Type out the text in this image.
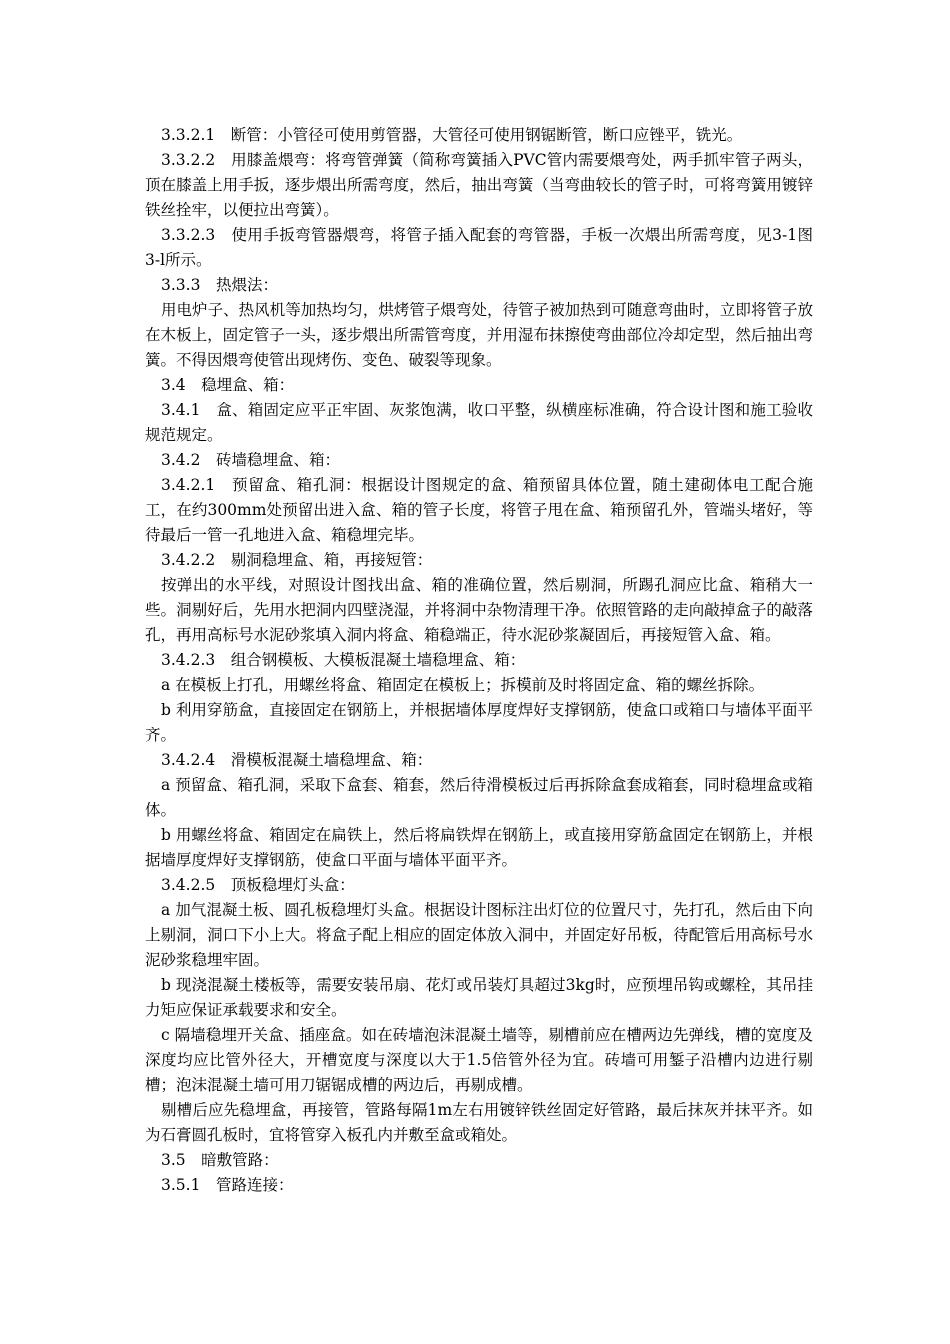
3.3.2.1　断管：小管径可使用剪管器，大管径可使用钢锯断管，断口应锉平，铣光。

3.3.2.2　用膝盖煨弯：将弯管弹簧（简称弯簧插入PVC管内需要煨弯处，两手抓牢管子两头，顶在膝盖上用手扳，逐步煨出所需弯度，然后，抽出弯簧（当弯曲较长的管子时，可将弯簧用镀锌铁丝拴牢，以便拉出弯簧）。

3.3.2.3　使用手扳弯管器煨弯，将管子插入配套的弯管器，手板一次煨出所需弯度，见3-1图3-l所示。

3.3.3　热煨法：

用电炉子、热风机等加热均匀，烘烤管子煨弯处，待管子被加热到可随意弯曲时，立即将管子放在木板上，固定管子一头，逐步煨出所需管弯度，并用湿布抹擦使弯曲部位冷却定型，然后抽出弯簧。不得因煨弯使管出现烤伤、变色、破裂等现象。

3.4　稳埋盒、箱：

3.4.1　盒、箱固定应平正牢固、灰浆饱满，收口平整，纵横座标准确，符合设计图和施工验收规范规定。

3.4.2　砖墙稳埋盒、箱：

3.4.2.1　预留盒、箱孔洞：根据设计图规定的盒、箱预留具体位置，随土建砌体电工配合施工，在约300mm处预留出进入盒、箱的管子长度，将管子甩在盒、箱预留孔外，管端头堵好，等待最后一管一孔地进入盒、箱稳埋完毕。

3.4.2.2　剔洞稳埋盒、箱，再接短管：

按弹出的水平线，对照设计图找出盒、箱的准确位置，然后剔洞，所踢孔洞应比盒、箱稍大一些。洞剔好后，先用水把洞内四壁浇湿，并将洞中杂物清理干净。依照管路的走向敲掉盒子的敲落孔，再用高标号水泥砂浆填入洞内将盒、箱稳端正，待水泥砂浆凝固后，再接短管入盒、箱。

3.4.2.3　组合钢模板、大模板混凝土墙稳埋盒、箱：

a 在模板上打孔，用螺丝将盒、箱固定在模板上；拆模前及时将固定盒、箱的螺丝拆除。

b 利用穿筋盒，直接固定在钢筋上，并根据墙体厚度焊好支撑钢筋，使盒口或箱口与墙体平面平齐。

3.4.2.4　滑模板混凝土墙稳埋盒、箱：

a 预留盒、箱孔洞，采取下盒套、箱套，然后待滑模板过后再拆除盒套成箱套，同时稳埋盒或箱体。

b 用螺丝将盒、箱固定在扁铁上，然后将扁铁焊在钢筋上，或直接用穿筋盒固定在钢筋上，并根据墙厚度焊好支撑钢筋，使盒口平面与墙体平面平齐。

3.4.2.5　顶板稳埋灯头盒：

a 加气混凝土板、圆孔板稳埋灯头盒。根据设计图标注出灯位的位置尺寸，先打孔，然后由下向上剔洞，洞口下小上大。将盒子配上相应的固定体放入洞中，并固定好吊板，待配管后用高标号水泥砂浆稳埋牢固。

b 现浇混凝土楼板等，需要安装吊扇、花灯或吊装灯具超过3kg时，应预埋吊钩或螺栓，其吊挂力矩应保证承载要求和安全。

c 隔墙稳埋开关盒、插座盒。如在砖墙泡沫混凝土墙等，剔槽前应在槽两边先弹线，槽的宽度及深度均应比管外径大，开槽宽度与深度以大于1.5倍管外径为宜。砖墙可用錾子沿槽内边进行剔槽；泡沫混凝土墙可用刀锯锯成槽的两边后，再剔成槽。

剔槽后应先稳埋盒，再接管，管路每隔1m左右用镀锌铁丝固定好管路，最后抹灰并抹平齐。如为石膏圆孔板时，宜将管穿入板孔内并敷至盒或箱处。

3.5　暗敷管路：

3.5.1　管路连接：
